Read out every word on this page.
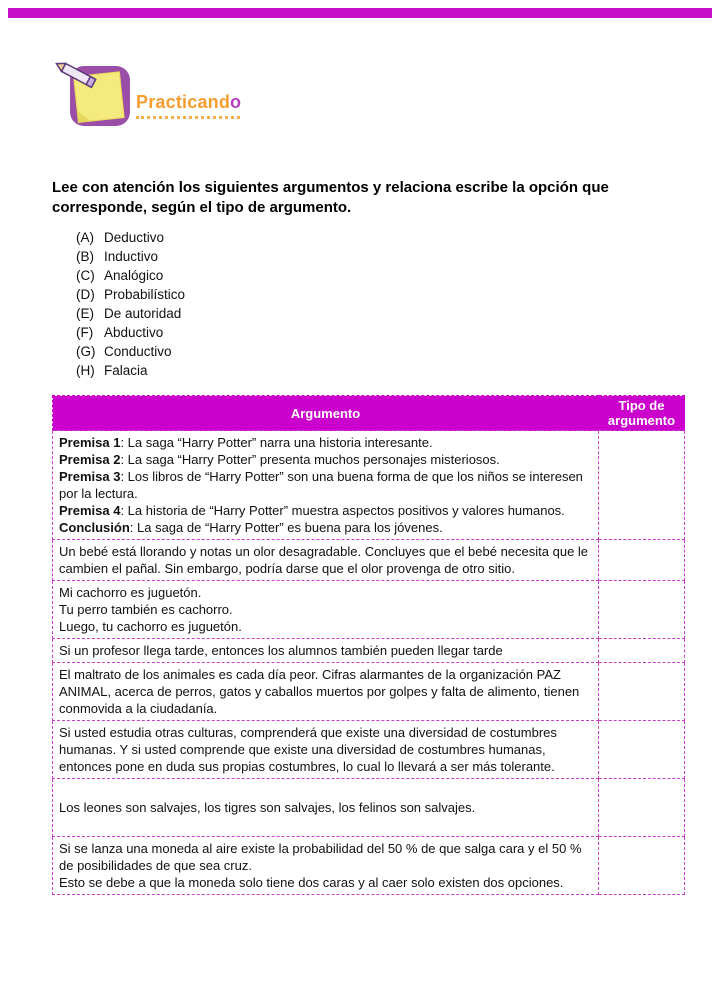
Practicando
Lee con atención los siguientes argumentos y relaciona escribe la opción que corresponde, según el tipo de argumento.
(A) Deductivo
(B) Inductivo
(C) Analógico
(D) Probabilístico
(E) De autoridad
(F) Abductivo
(G) Conductivo
(H) Falacia
Argumento	Tipo de argumento

Premisa 1: La saga “Harry Potter” narra una historia interesante.
Premisa 2: La saga “Harry Potter” presenta muchos personajes misteriosos.
Premisa 3: Los libros de “Harry Potter” son una buena forma de que los niños se interesen por la lectura.
Premisa 4: La historia de “Harry Potter” muestra aspectos positivos y valores humanos.
Conclusión: La saga de “Harry Potter” es buena para los jóvenes.	

Un bebé está llorando y notas un olor desagradable. Concluyes que el bebé necesita que le cambien el pañal. Sin embargo, podría darse que el olor provenga de otro sitio.	

Mi cachorro es juguetón.
Tu perro también es cachorro.
Luego, tu cachorro es juguetón.	

Si un profesor llega tarde, entonces los alumnos también pueden llegar tarde	

El maltrato de los animales es cada día peor. Cifras alarmantes de la organización PAZ ANIMAL, acerca de perros, gatos y caballos muertos por golpes y falta de alimento, tienen conmovida a la ciudadanía.	

Si usted estudia otras culturas, comprenderá que existe una diversidad de costumbres humanas. Y si usted comprende que existe una diversidad de costumbres humanas, entonces pone en duda sus propias costumbres, lo cual lo llevará a ser más tolerante.	

Los leones son salvajes, los tigres son salvajes, los felinos son salvajes.	

Si se lanza una moneda al aire existe la probabilidad del 50 % de que salga cara y el 50 % de posibilidades de que sea cruz.
Esto se debe a que la moneda solo tiene dos caras y al caer solo existen dos opciones.	
